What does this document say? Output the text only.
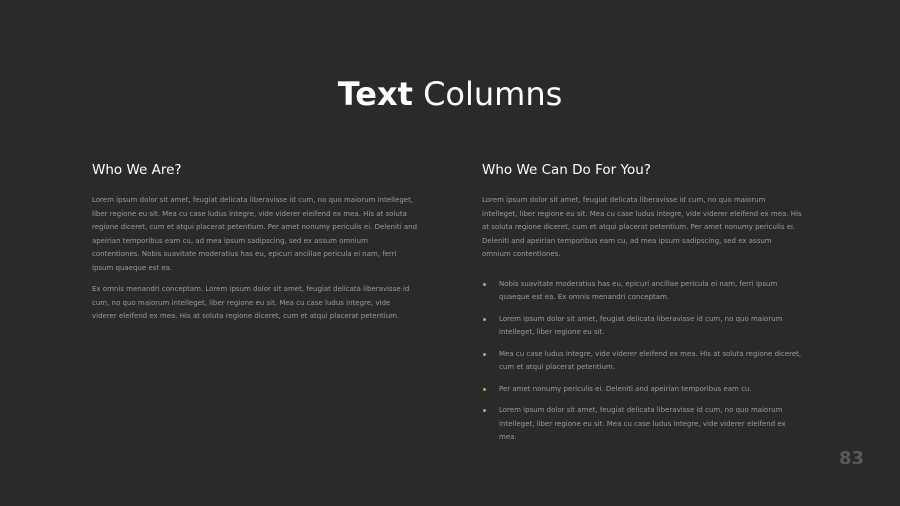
Text Columns
Who We Are?

Lorem ipsum dolor sit amet, feugiat delicata liberavisse id cum, no quo maiorum intelleget, liber regione eu sit. Mea cu case ludus integre, vide viderer eleifend ex mea. His at soluta regione diceret, cum et atqui placerat petentium. Per amet nonumy periculis ei. Deleniti and apeirian temporibus eam cu, ad mea ipsum sadipscing, sed ex assum omnium contentiones. Nobis suavitate moderatius has eu, epicuri ancillae pericula ei nam, ferri ipsum quaeque est ea.

Ex omnis menandri conceptam. Lorem ipsum dolor sit amet, feugiat delicata liberavisse id cum, no quo maiorum intelleget, liber regione eu sit. Mea cu case ludus integre, vide viderer eleifend ex mea. His at soluta regione diceret, cum et atqui placerat petentium.

Who We Can Do For You?

Lorem ipsum dolor sit amet, feugiat delicata liberavisse id cum, no quo maiorum intelleget, liber regione eu sit. Mea cu case ludus integre, vide viderer eleifend ex mea. His at soluta regione diceret, cum et atqui placerat petentium. Per amet nonumy periculis ei. Deleniti and apeirian temporibus eam cu, ad mea ipsum sadipscing, sed ex assum omnium contentiones.

Nobis suavitate moderatius has eu, epicuri ancillae pericula ei nam, ferri ipsum quaeque est ea. Ex omnis menandri conceptam.
Lorem ipsum dolor sit amet, feugiat delicata liberavisse id cum, no quo maiorum intelleget, liber regione eu sit.
Mea cu case ludus integre, vide viderer eleifend ex mea. His at soluta regione diceret, cum et atqui placerat petentium.
Per amet nonumy periculis ei. Deleniti and apeirian temporibus eam cu.
Lorem ipsum dolor sit amet, feugiat delicata liberavisse id cum, no quo maiorum intelleget, liber regione eu sit. Mea cu case ludus integre, vide viderer eleifend ex mea.
83
